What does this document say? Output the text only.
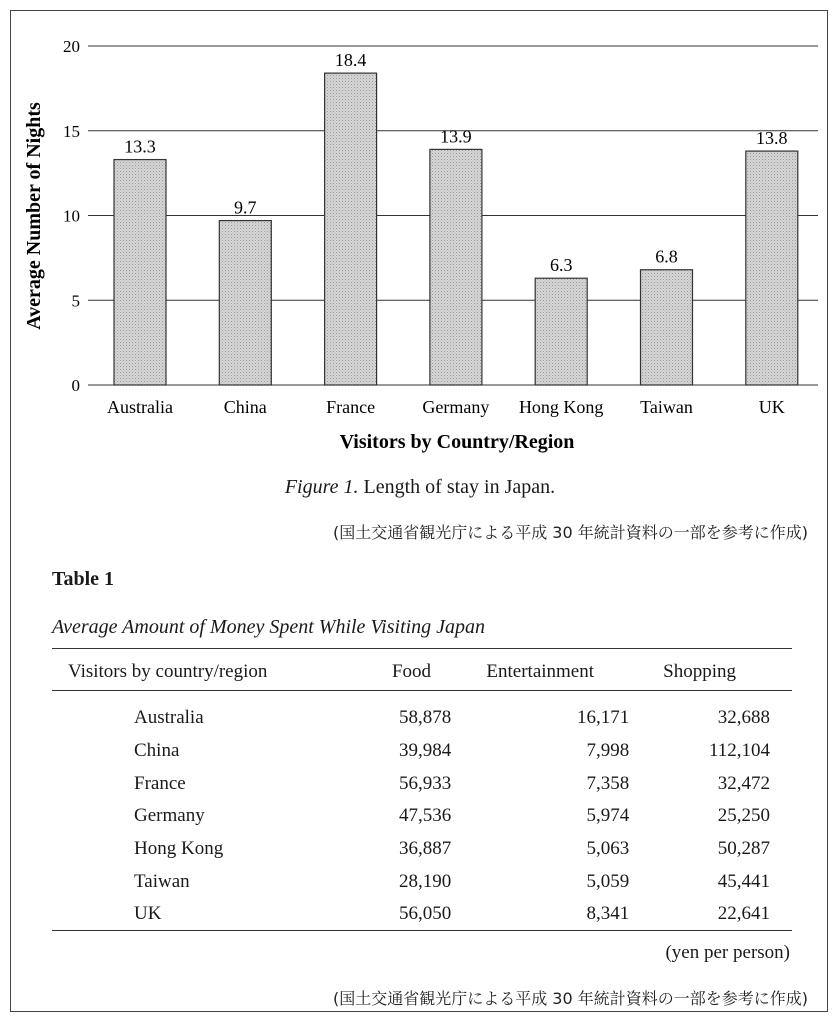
13.3
9.7
18.4
13.9
6.3	6.8
13.8
0
5
10
15
20
Australia	China	France	Germany Hong Kong Taiwan	UK
Average Number of Nights
Visitors by Country/Region
Figure 1. Length of stay in Japan.
(国土交通省観光庁による平成 30 年統計資料の一部を参考に作成)
Table 1
Average Amount of Money Spent While Visiting Japan
Visitors by country/region	Food	Entertainment	Shopping
Australia	58,878	16,171	32,688
China	39,984	7,998	112,104
France	56,933	7,358	32,472
Germany	47,536	5,974	25,250
Hong Kong	36,887	5,063	50,287
Taiwan	28,190	5,059	45,441
UK	56,050	8,341	22,641
(yen per person)
(国土交通省観光庁による平成 30 年統計資料の一部を参考に作成)
